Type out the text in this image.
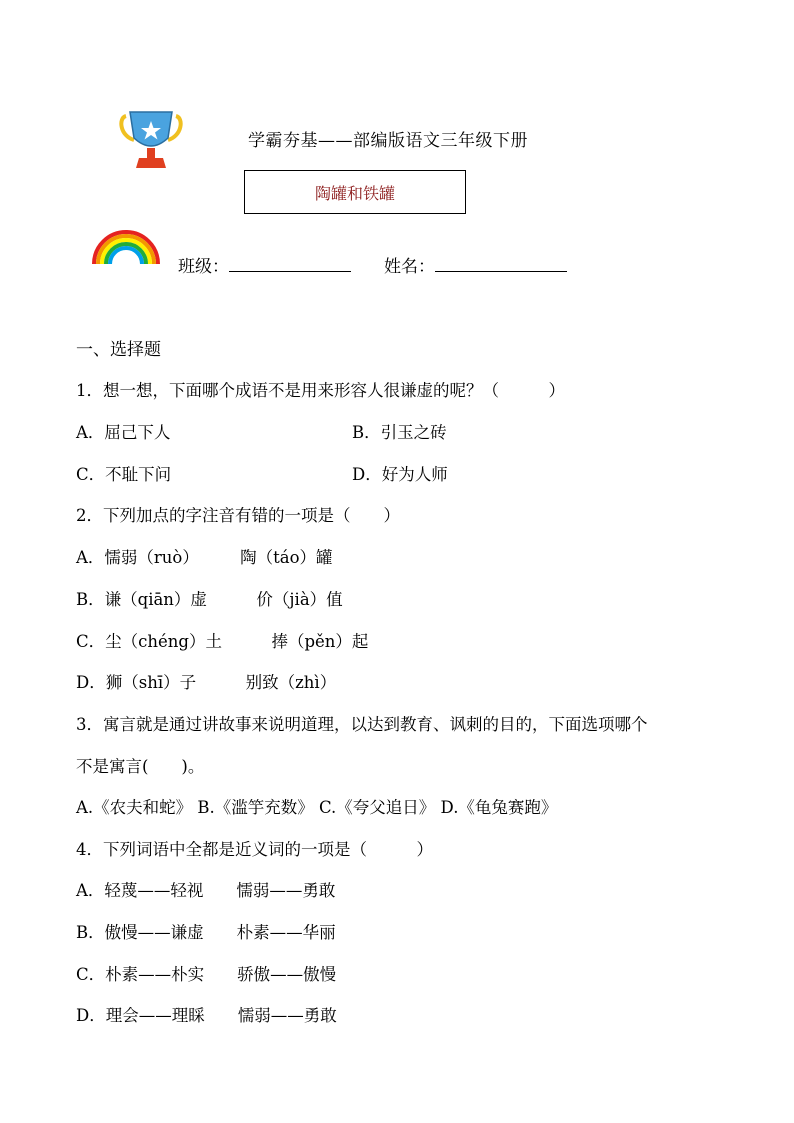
学霸夯基——部编版语文三年级下册
陶罐和铁罐
班级：	姓名：
一、选择题
1．想一想，下面哪个成语不是用来形容人很谦虚的呢？（　　　）
A．屈己下人	B．引玉之砖
C．不耻下问	D．好为人师
2．下列加点的字注音有错的一项是（　　）
A．懦弱（ruò）　　　陶（táo）罐
B．谦（qiān）虚　　　价（jià）值
C．尘（chéng）土　　　捧（pěn）起
D．狮（shī）子　　　别致（zhì）
3．寓言就是通过讲故事来说明道理，以达到教育、讽刺的目的，下面选项哪个
不是寓言(　　)。
A.《农夫和蛇》 B.《滥竽充数》 C.《夸父追日》 D.《龟兔赛跑》
4．下列词语中全都是近义词的一项是（　　　）
A．轻蔑——轻视　　懦弱——勇敢
B．傲慢——谦虚　　朴素——华丽
C．朴素——朴实　　骄傲——傲慢
D．理会——理睬　　懦弱——勇敢
